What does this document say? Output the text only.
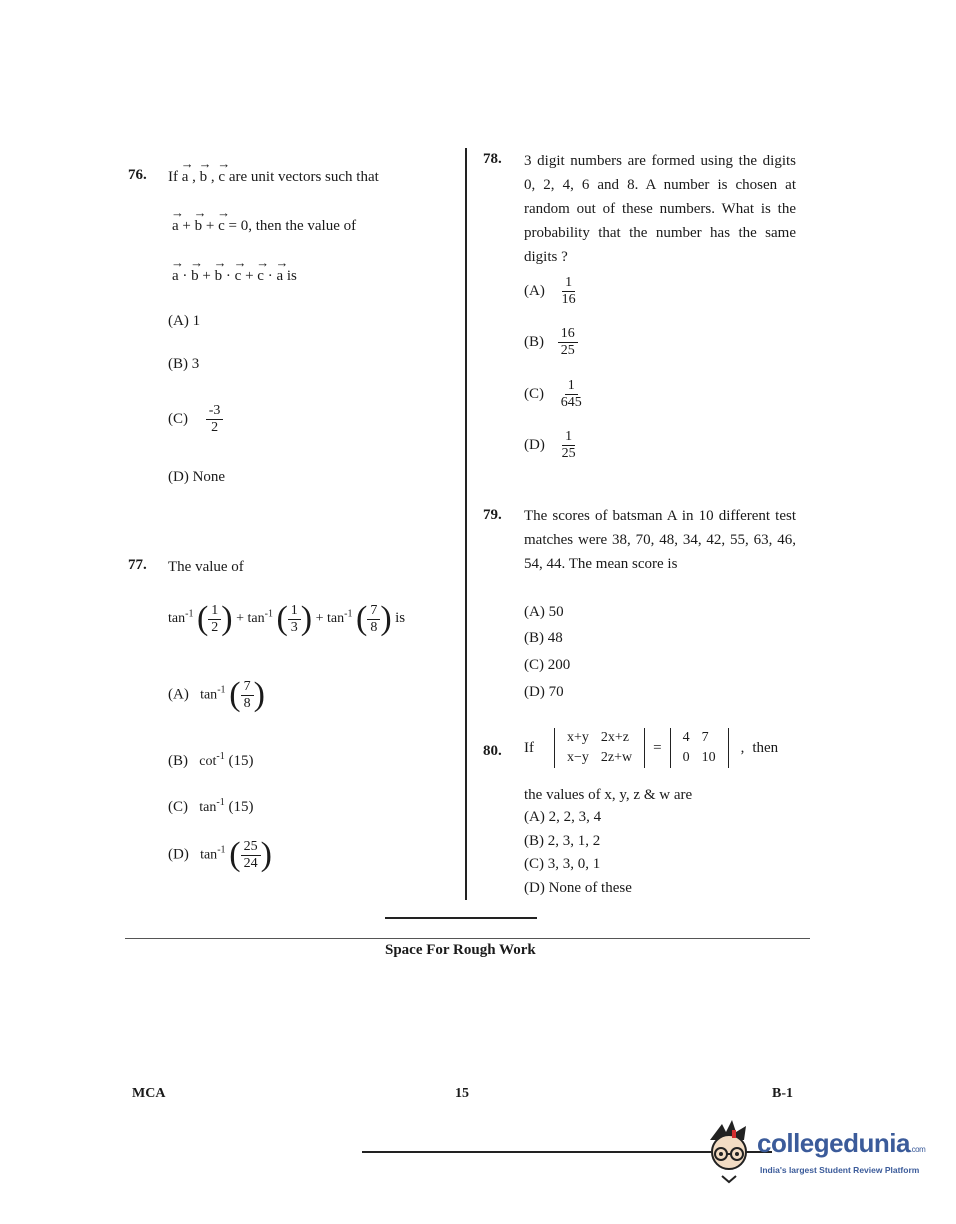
76. If → a , → b , → c are unit vectors such that
→ a + → b + → c = 0, then the value of
→ a · → b + → b · → c + → c · → a is
(A) 1
(B) 3
$(C) \frac{-3}{2}$
(D) None
77. The value of
$\tan^{-1}$ ( $\frac{1}{2}$ ) + $\tan^{-1}$ ( $\frac{1}{3}$ ) + $\tan^{-1}$ ( $\frac{7}{8}$ ) is
(A) $\tan^{-1}$ ( $\frac{7}{8}$ )
(B) $\cot^{-1} (15)$
(C) $\tan^{-1} (15)$
(D) $\tan^{-1}$ ( $\frac{25}{24}$ )
78. 3 digit numbers are formed using the digits 0, 2, 4, 6 and 8. A number is chosen at random out of these numbers. What is the probability that the number has the same digits ?
$(A) \frac{1}{16}$
$(B) \frac{16}{25}$
$(C) \frac{1}{645}$
$(D) \frac{1}{25}$
79. The scores of batsman A in 10 different test matches were 38, 70, 48, 34, 42, 55, 63, 46, 54, 44. The mean score is
(A) 50
(B) 48
(C) 200
(D) 70
80. If
x+y	2x+z
x−y	2z+w
=
4	7
0	10
, then
the values of x, y, z & w are
(A) 2, 2, 3, 4
(B) 2, 3, 1, 2
(C) 3, 3, 0, 1
(D) None of these
Space For Rough Work
MCA	15	B-1
collegedunia.com
India's largest Student Review Platform
